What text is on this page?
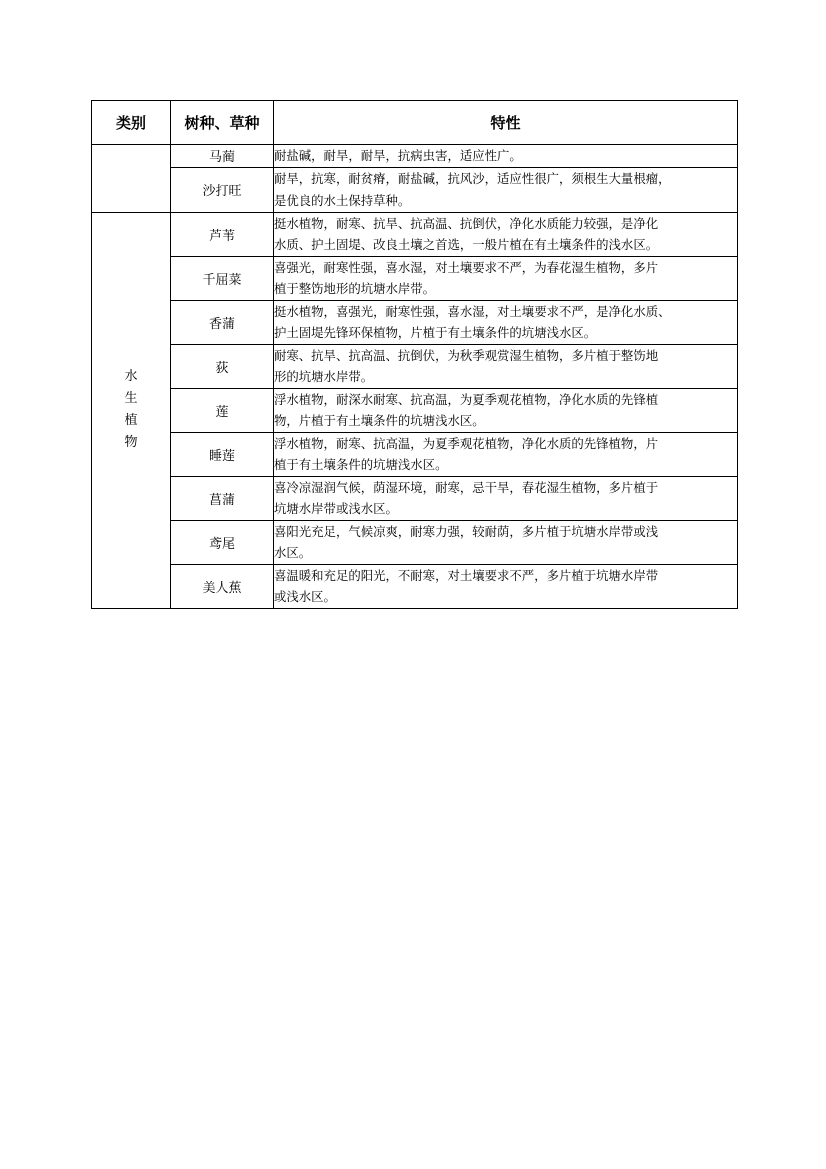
类别	树种、草种	特性
	马蔺	耐盐碱，耐旱，耐旱，抗病虫害，适应性广。

	沙打旺	耐旱，抗寒，耐贫瘠，耐盐碱，抗风沙，适应性很广，须根生大量根瘤，
是优良的水土保持草种。

水
生
植
物	芦苇	挺水植物，耐寒、抗旱、抗高温、抗倒伏，净化水质能力较强，是净化
水质、护土固堤、改良土壤之首选，一般片植在有土壤条件的浅水区。

	千屈菜	喜强光，耐寒性强，喜水湿，对土壤要求不严，为春花湿生植物，多片
植于整饬地形的坑塘水岸带。

	香蒲	挺水植物，喜强光，耐寒性强，喜水湿，对土壤要求不严，是净化水质、
护土固堤先锋环保植物，片植于有土壤条件的坑塘浅水区。

	荻	耐寒、抗旱、抗高温、抗倒伏，为秋季观赏湿生植物，多片植于整饬地
形的坑塘水岸带。

	莲	浮水植物，耐深水耐寒、抗高温，为夏季观花植物，净化水质的先锋植
物，片植于有土壤条件的坑塘浅水区。

	睡莲	浮水植物，耐寒、抗高温，为夏季观花植物，净化水质的先锋植物，片
植于有土壤条件的坑塘浅水区。

	菖蒲	喜冷凉湿润气候，荫湿环境，耐寒，忌干旱，春花湿生植物，多片植于
坑塘水岸带或浅水区。

	鸢尾	喜阳光充足，气候凉爽，耐寒力强，较耐荫，多片植于坑塘水岸带或浅
水区。

	美人蕉	喜温暖和充足的阳光，不耐寒，对土壤要求不严，多片植于坑塘水岸带
或浅水区。
